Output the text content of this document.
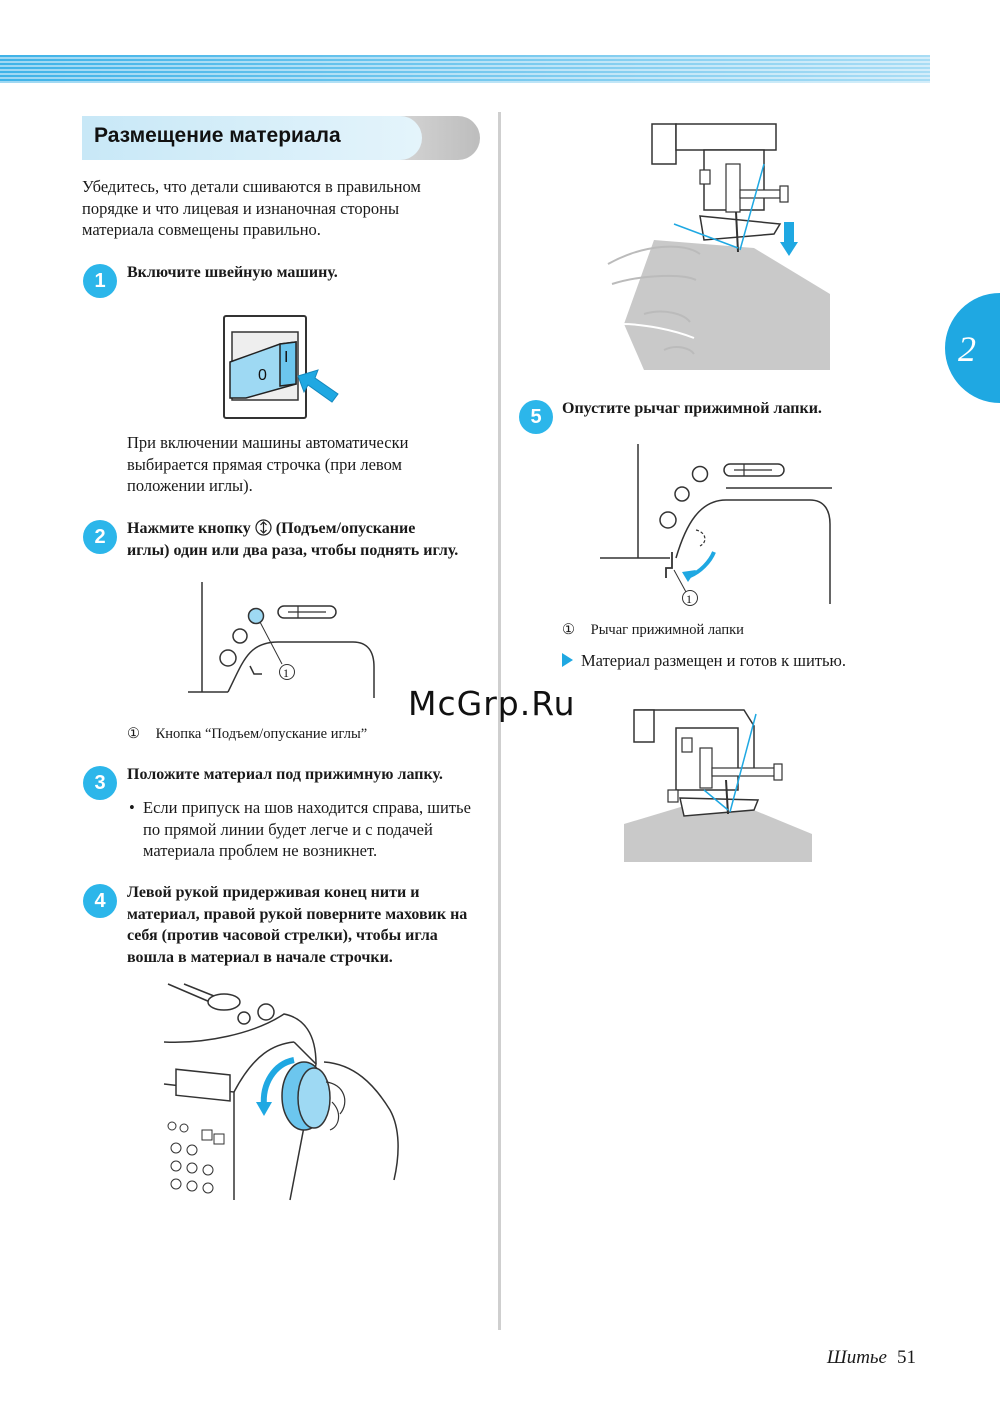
Размещение материала
Убедитесь, что детали сшиваются в правильном порядке и что лицевая и изнаночная стороны материала совмещены правильно.
1	Включите швейную машину.
0
I
При включении машины автоматически выбирается прямая строчка (при левом положении иглы).
2	Нажмите кнопку (Подъем/опускание
иглы) один или два раза, чтобы поднять иглу.
1
① Кнопка “Подъем/опускание иглы”
3	Положите материал под прижимную лапку.
• Если припуск на шов находится справа, шитье по прямой линии будет легче и с подачей материала проблем не возникнет.
4	Левой рукой придерживая конец нити и материал, правой рукой поверните маховик на себя (против часовой стрелки), чтобы игла вошла в материал в начале строчки.
2
5	Опустите рычаг прижимной лапки.
1
① Рычаг прижимной лапки
Материал размещен и готов к шитью.
McGrp.Ru
Шитье 51
